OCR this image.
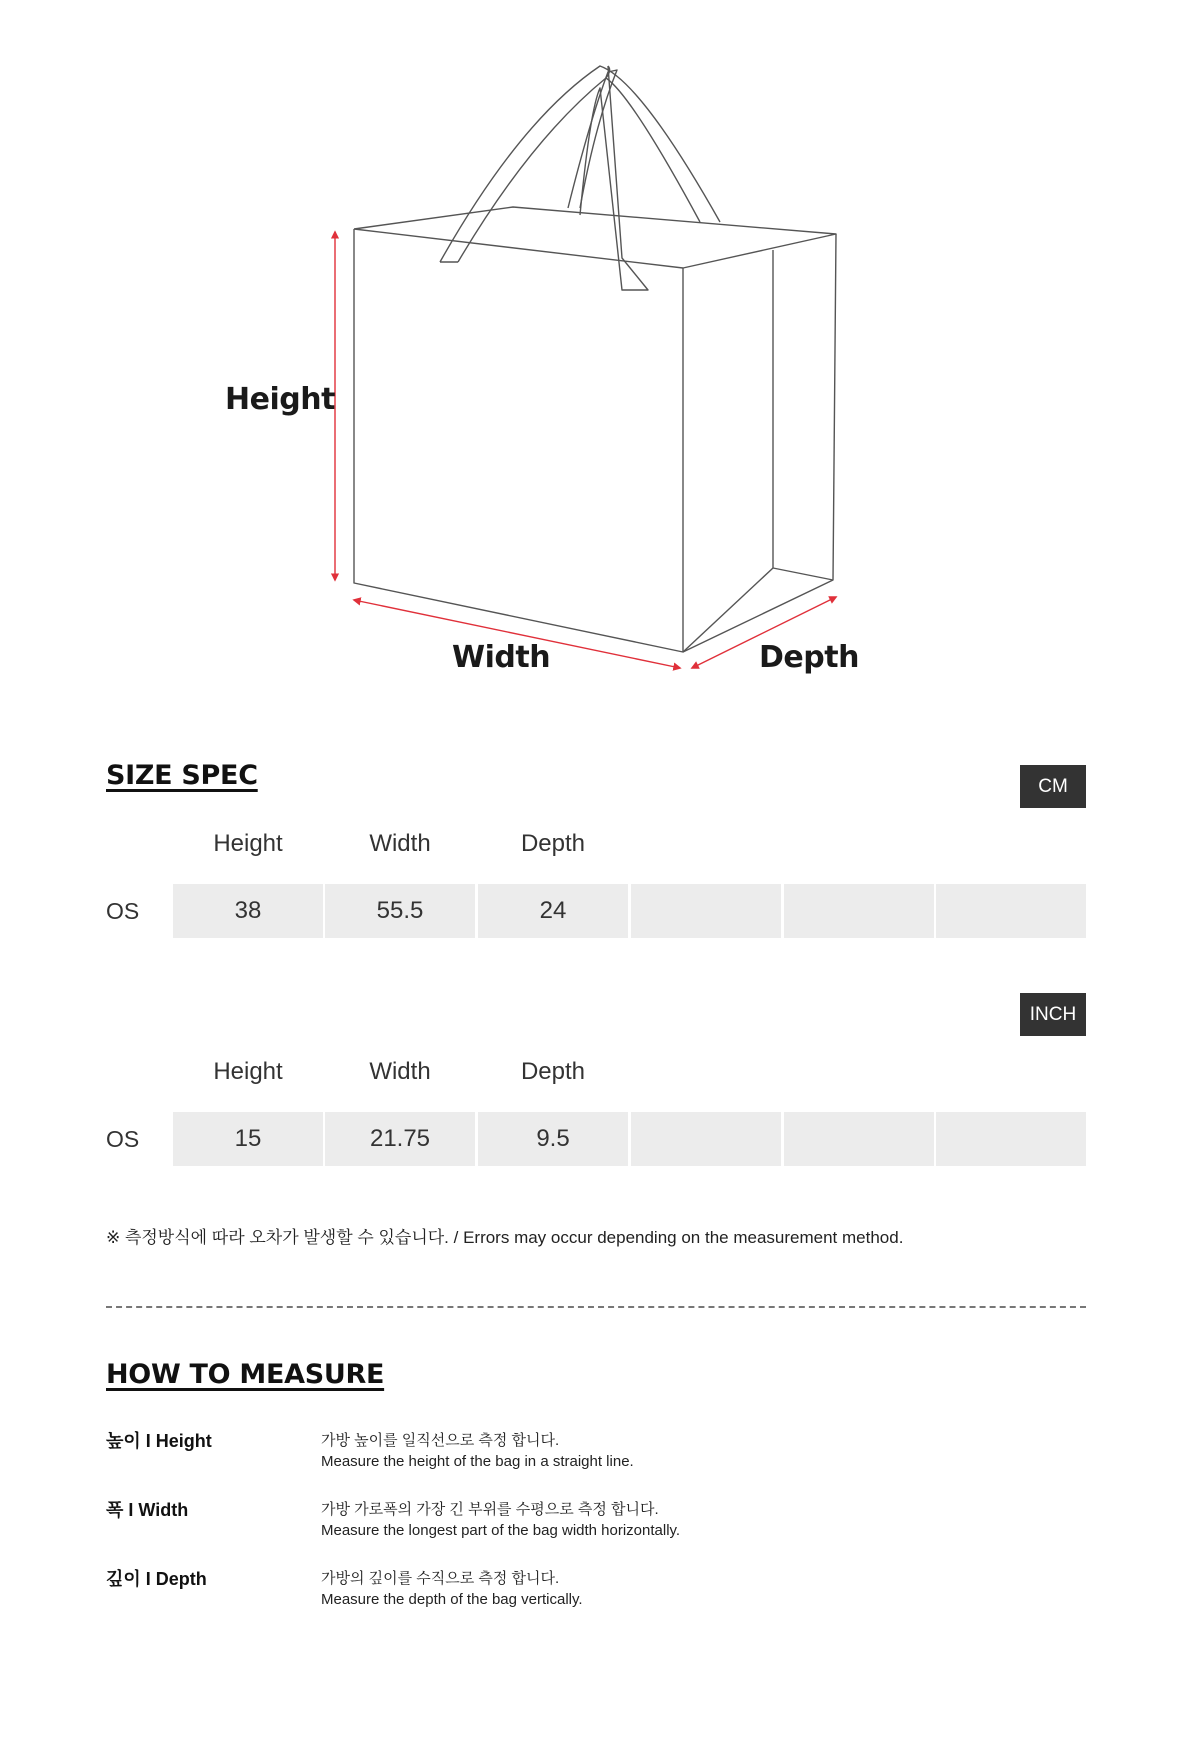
Height
Width	Depth
SIZE SPEC	CM
Height	Width	Depth
OS	38	55.5	24
INCH
Height	Width	Depth
OS	15	21.75	9.5
※ 측정방식에 따라 오차가 발생할 수 있습니다. / Errors may occur depending on the measurement method.
HOW TO MEASURE
높이 I Height	가방 높이를 일직선으로 측정 합니다.
Measure the height of the bag in a straight line.
폭 I Width	가방 가로폭의 가장 긴 부위를 수평으로 측정 합니다.
Measure the longest part of the bag width horizontally.
깊이 I Depth	가방의 깊이를 수직으로 측정 합니다.
Measure the depth of the bag vertically.
